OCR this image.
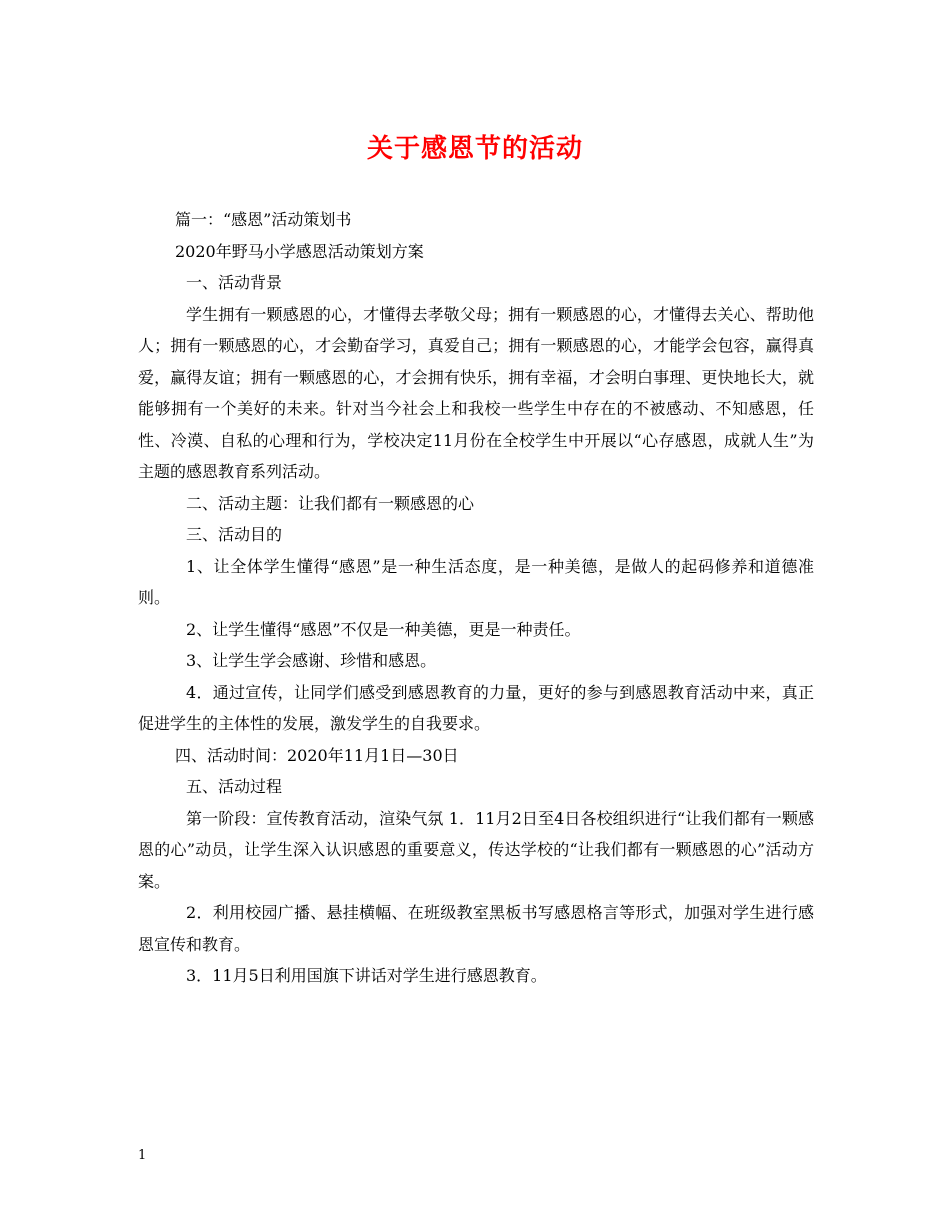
关于感恩节的活动

篇一：“感恩”活动策划书

2020年野马小学感恩活动策划方案

一、活动背景

学生拥有一颗感恩的心，才懂得去孝敬父母；拥有一颗感恩的心，才懂得去关心、帮助他人；拥有一颗感恩的心，才会勤奋学习，真爱自己；拥有一颗感恩的心，才能学会包容，赢得真爱，赢得友谊；拥有一颗感恩的心，才会拥有快乐，拥有幸福，才会明白事理、更快地长大，就能够拥有一个美好的未来。针对当今社会上和我校一些学生中存在的不被感动、不知感恩，任性、冷漠、自私的心理和行为，学校决定11月份在全校学生中开展以“心存感恩，成就人生”为主题的感恩教育系列活动。

二、活动主题：让我们都有一颗感恩的心

三、活动目的

1、让全体学生懂得“感恩”是一种生活态度，是一种美德，是做人的起码修养和道德准则。

2、让学生懂得“感恩”不仅是一种美德，更是一种责任。

3、让学生学会感谢、珍惜和感恩。

4．通过宣传，让同学们感受到感恩教育的力量，更好的参与到感恩教育活动中来，真正促进学生的主体性的发展，激发学生的自我要求。

四、活动时间：2020年11月1日—30日

五、活动过程

第一阶段：宣传教育活动，渲染气氛 1．11月2日至4日各校组织进行“让我们都有一颗感恩的心”动员，让学生深入认识感恩的重要意义，传达学校的“让我们都有一颗感恩的心”活动方案。

2．利用校园广播、悬挂横幅、在班级教室黑板书写感恩格言等形式，加强对学生进行感恩宣传和教育。

3．11月5日利用国旗下讲话对学生进行感恩教育。

1
